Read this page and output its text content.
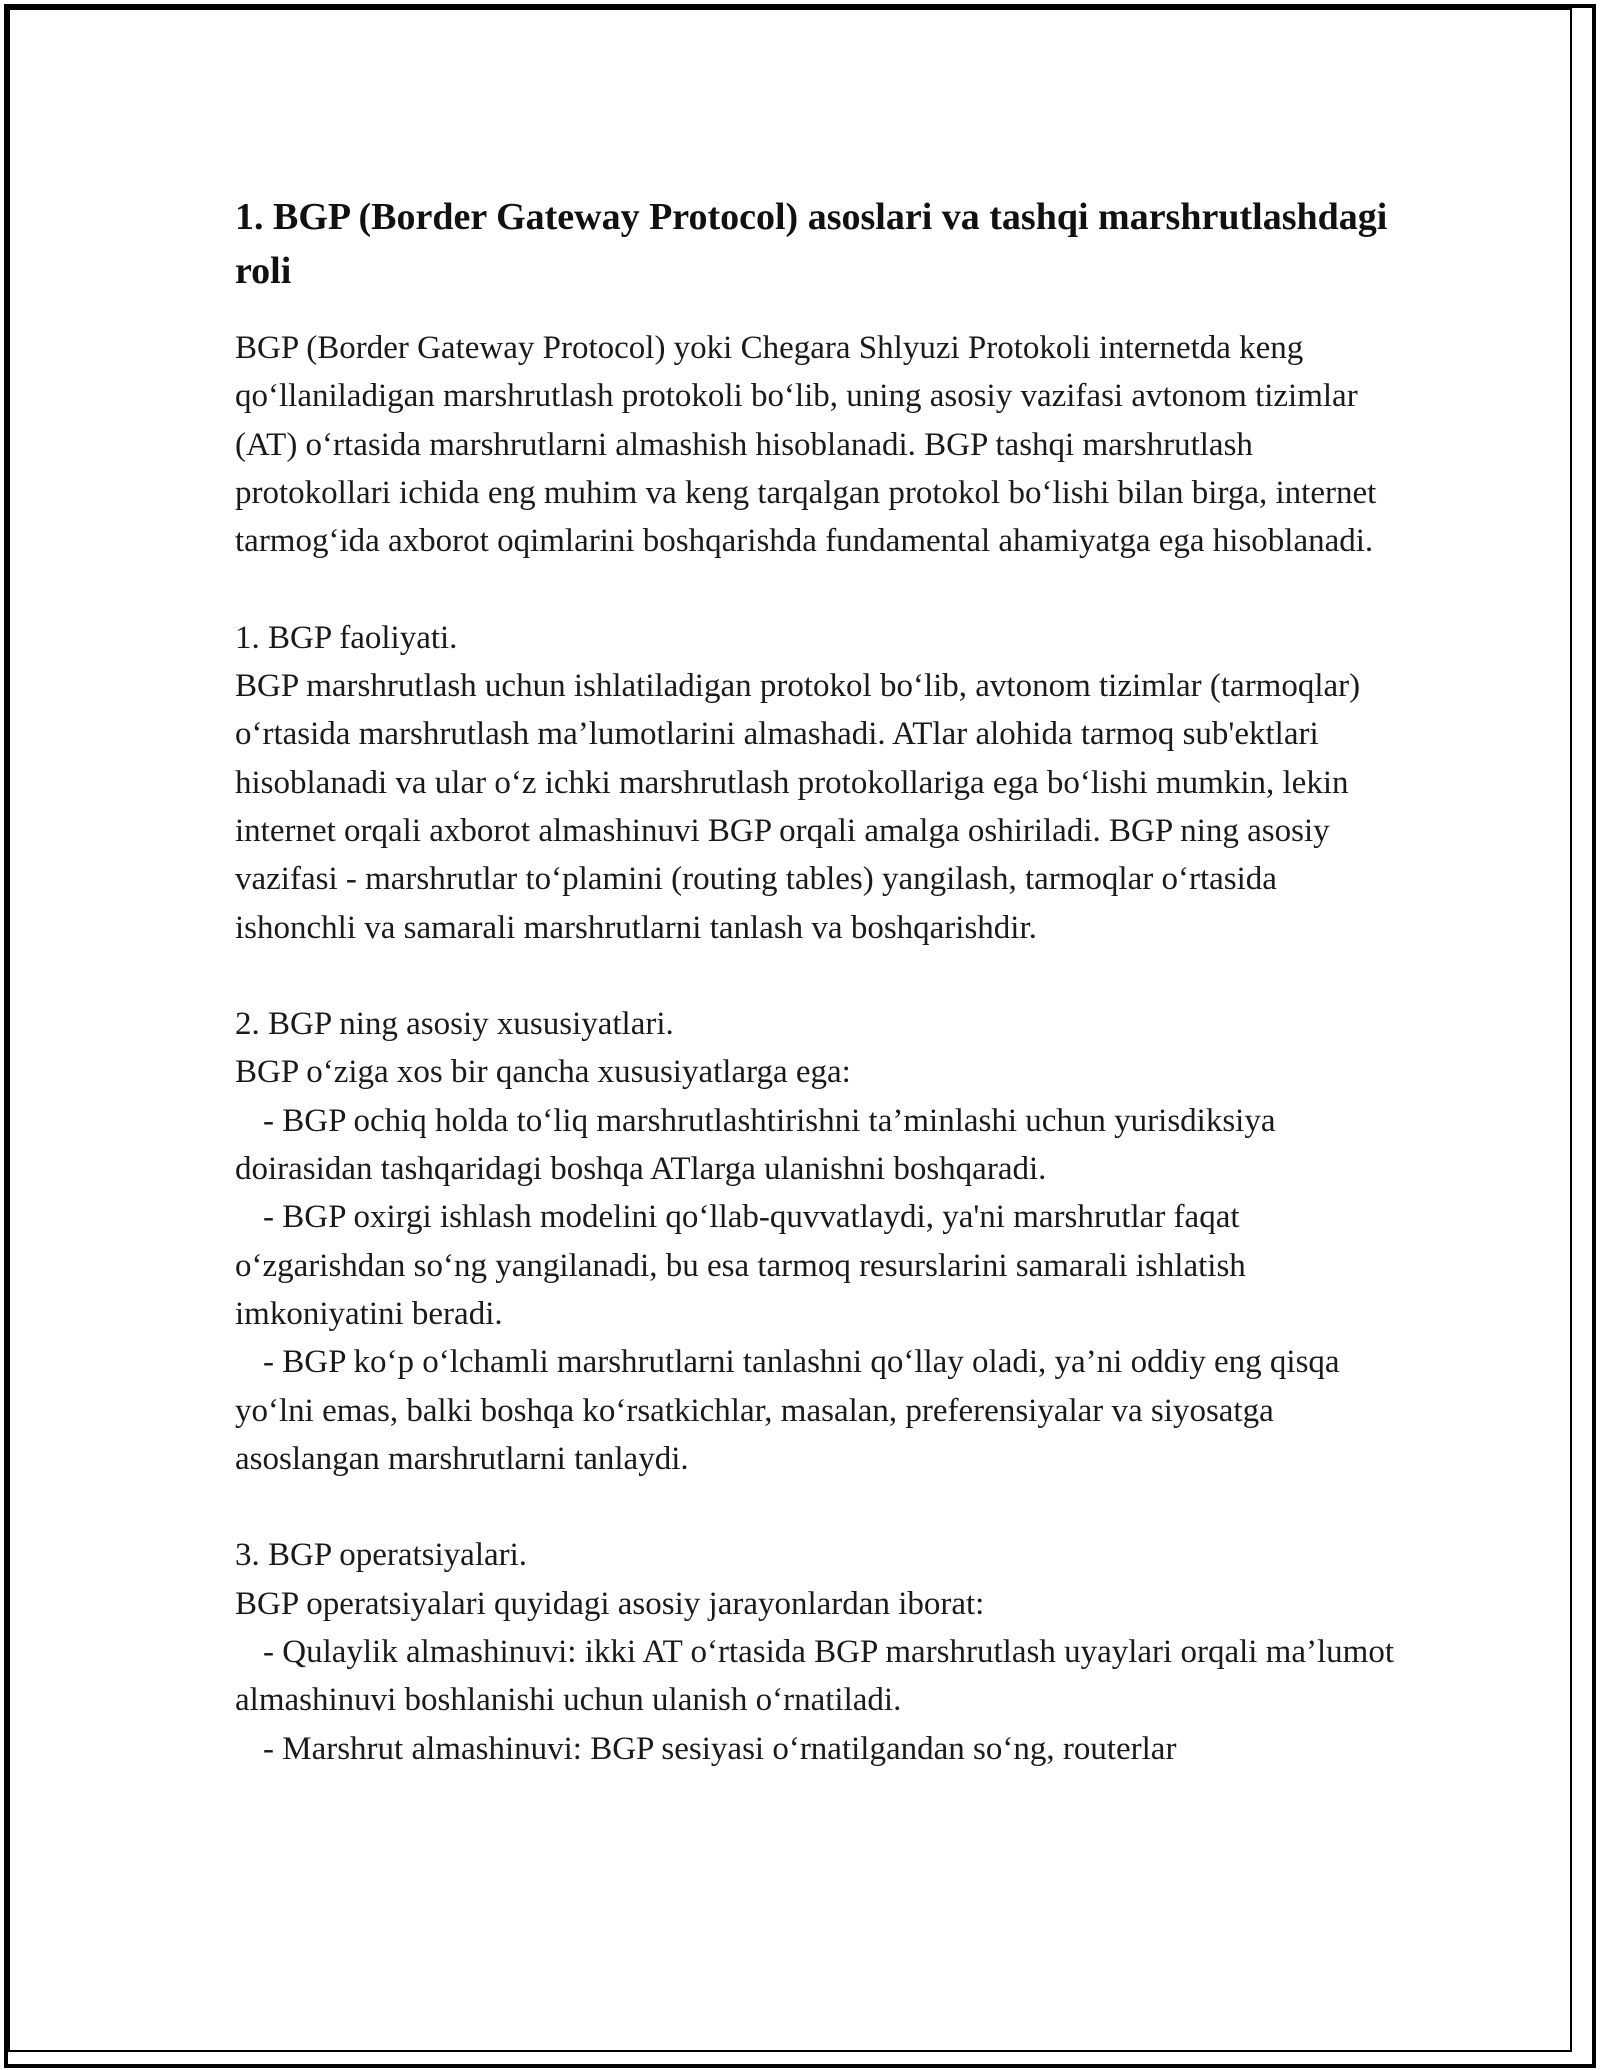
1. BGP (Border Gateway Protocol) asoslari va tashqi marshrutlashdagi roli

BGP (Border Gateway Protocol) yoki Chegara Shlyuzi Protokoli internetda keng qo‘llaniladigan marshrutlash protokoli bo‘lib, uning asosiy vazifasi avtonom tizimlar (AT) o‘rtasida marshrutlarni almashish hisoblanadi. BGP tashqi marshrutlash protokollari ichida eng muhim va keng tarqalgan protokol bo‘lishi bilan birga, internet tarmog‘ida axborot oqimlarini boshqarishda fundamental ahamiyatga ega hisoblanadi.

1. BGP faoliyati.
BGP marshrutlash uchun ishlatiladigan protokol bo‘lib, avtonom tizimlar (tarmoqlar) o‘rtasida marshrutlash ma’lumotlarini almashadi. ATlar alohida tarmoq sub'ektlari hisoblanadi va ular o‘z ichki marshrutlash protokollariga ega bo‘lishi mumkin, lekin internet orqali axborot almashinuvi BGP orqali amalga oshiriladi. BGP ning asosiy vazifasi - marshrutlar to‘plamini (routing tables) yangilash, tarmoqlar o‘rtasida ishonchli va samarali marshrutlarni tanlash va boshqarishdir.
2. BGP ning asosiy xususiyatlari.
BGP o‘ziga xos bir qancha xususiyatlarga ega:
- BGP ochiq holda to‘liq marshrutlashtirishni ta’minlashi uchun yurisdiksiya doirasidan tashqaridagi boshqa ATlarga ulanishni boshqaradi.
- BGP oxirgi ishlash modelini qo‘llab-quvvatlaydi, ya'ni marshrutlar faqat o‘zgarishdan so‘ng yangilanadi, bu esa tarmoq resurslarini samarali ishlatish imkoniyatini beradi.
- BGP ko‘p o‘lchamli marshrutlarni tanlashni qo‘llay oladi, ya’ni oddiy eng qisqa yo‘lni emas, balki boshqa ko‘rsatkichlar, masalan, preferensiyalar va siyosatga asoslangan marshrutlarni tanlaydi.
3. BGP operatsiyalari.
BGP operatsiyalari quyidagi asosiy jarayonlardan iborat:
- Qulaylik almashinuvi: ikki AT o‘rtasida BGP marshrutlash uyaylari orqali ma’lumot almashinuvi boshlanishi uchun ulanish o‘rnatiladi.
- Marshrut almashinuvi: BGP sesiyasi o‘rnatilgandan so‘ng, routerlar
